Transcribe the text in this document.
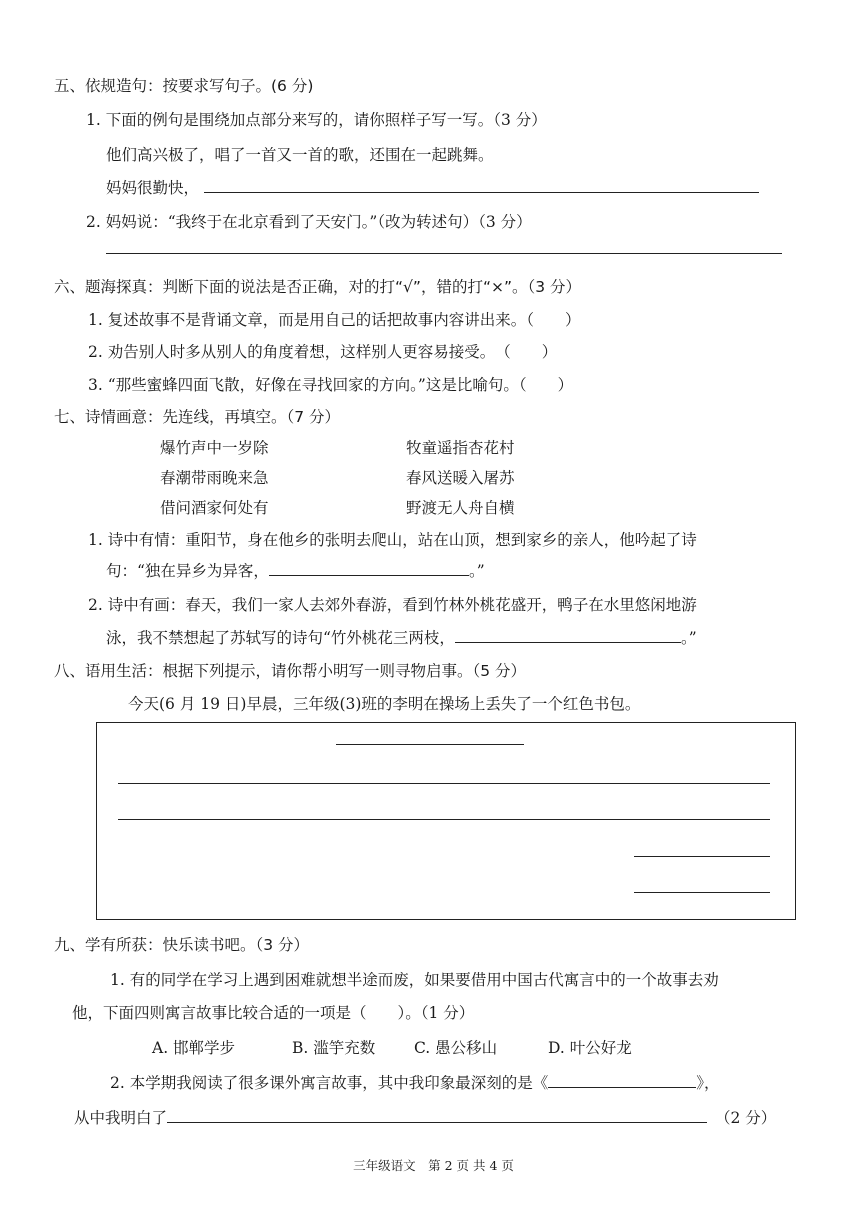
五、依规造句：按要求写句子。(6 分)
1. 下面的例句是围绕加点部分来写的，请你照样子写一写。（3 分）
他们高兴极了，唱了一首又一首的歌，还围在一起跳舞。
妈妈很勤快，
2. 妈妈说：“我终于在北京看到了天安门。”（改为转述句）（3 分）
六、题海探真：判断下面的说法是否正确，对的打“√”，错的打“×”。（3 分）
1. 复述故事不是背诵文章，而是用自己的话把故事内容讲出来。（　　）
2. 劝告别人时多从别人的角度着想，这样别人更容易接受。　（　　）
3. “那些蜜蜂四面飞散，好像在寻找回家的方向。”这是比喻句。（　　）
七、诗情画意：先连线，再填空。（7 分）
爆竹声中一岁除
春潮带雨晚来急
借问酒家何处有
牧童遥指杏花村
春风送暖入屠苏
野渡无人舟自横
1. 诗中有情：重阳节，身在他乡的张明去爬山，站在山顶，想到家乡的亲人，他吟起了诗
句：“独在异乡为异客，	。”
2. 诗中有画：春天，我们一家人去郊外春游，看到竹林外桃花盛开，鸭子在水里悠闲地游
泳，我不禁想起了苏轼写的诗句“竹外桃花三两枝，	。”
八、语用生活：根据下列提示，请你帮小明写一则寻物启事。（5 分）
今天(6 月 19 日)早晨，三年级(3)班的李明在操场上丢失了一个红色书包。
九、学有所获：快乐读书吧。（3 分）
1. 有的同学在学习上遇到困难就想半途而废，如果要借用中国古代寓言中的一个故事去劝
他，下面四则寓言故事比较合适的一项是（　　）。（1 分）
A. 邯郸学步	B. 滥竽充数	C. 愚公移山	D. 叶公好龙
2. 本学期我阅读了很多课外寓言故事，其中我印象最深刻的是《	》，
从中我明白了	（2 分）
三年级语文　第 2 页 共 4 页
